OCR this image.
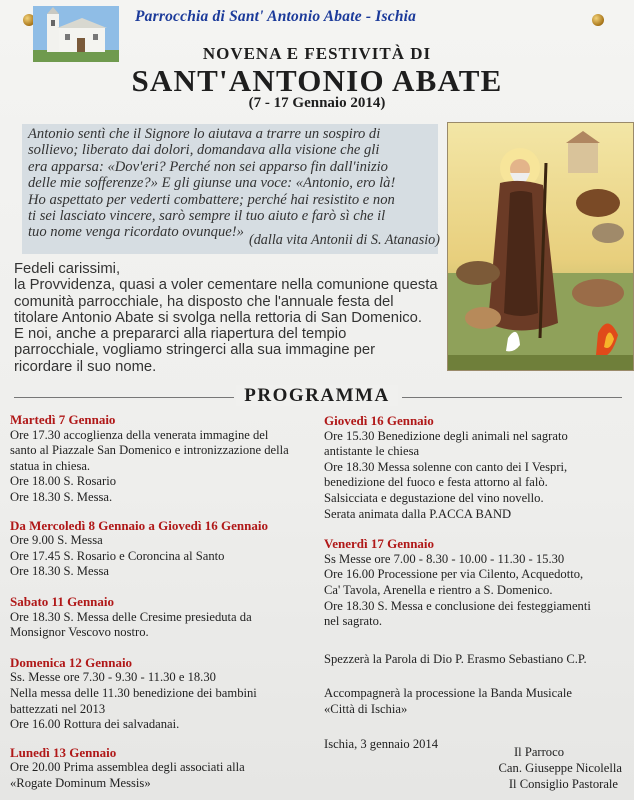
Parrocchia di Sant' Antonio Abate - Ischia
NOVENA E FESTIVITÀ DI
SANT'ANTONIO ABATE
(7 - 17 Gennaio 2014)
Antonio sentì che il Signore lo aiutava a trarre un sospiro di
sollievo; liberato dai dolori, domandava alla visione che gli
era apparsa: «Dov'eri? Perché non sei apparso fin dall'inizio
delle mie sofferenze?» E gli giunse una voce: «Antonio, ero là!
Ho aspettato per vederti combattere; perché hai resistito e non
ti sei lasciato vincere, sarò sempre il tuo aiuto e farò sì che il
tuo nome venga ricordato ovunque!» (dalla vita Antonii di S. Atanasio)
Fedeli carissimi,
la Provvidenza, quasi a voler cementare nella comunione questa
comunità parrocchiale, ha disposto che l'annuale festa del
titolare Antonio Abate si svolga nella rettoria di San Domenico.
E noi, anche a prepararci alla riapertura del tempio
parrocchiale, vogliamo stringerci alla sua immagine per
ricordare il suo nome.
PROGRAMMA
Martedì 7 Gennaio
Ore 17.30 accoglienza della venerata immagine del
santo al Piazzale San Domenico e intronizzazione della
statua in chiesa.
Ore 18.00 S. Rosario
Ore 18.30 S. Messa.
Da Mercoledì 8 Gennaio a Giovedì 16 Gennaio
Ore 9.00 S. Messa
Ore 17.45 S. Rosario e Coroncina al Santo
Ore 18.30 S. Messa
Sabato 11 Gennaio
Ore 18.30 S. Messa delle Cresime presieduta da
Monsignor Vescovo nostro.
Domenica 12 Gennaio
Ss. Messe ore 7.30 - 9.30 - 11.30 e 18.30
Nella messa delle 11.30 benedizione dei bambini
battezzati nel 2013
Ore 16.00 Rottura dei salvadanai.
Lunedì 13 Gennaio
Ore 20.00 Prima assemblea degli associati alla
«Rogate Dominum Messis»
Giovedì 16 Gennaio
Ore 15.30 Benedizione degli animali nel sagrato
antistante le chiesa
Ore 18.30 Messa solenne con canto dei I Vespri,
benedizione del fuoco e festa attorno al falò.
Salsicciata e degustazione del vino novello.
Serata animata dalla P.ACCA BAND
Venerdì 17 Gennaio
Ss Messe ore 7.00 - 8.30 - 10.00 - 11.30 - 15.30
Ore 16.00 Processione per via Cilento, Acquedotto,
Ca' Tavola, Arenella e rientro a S. Domenico.
Ore 18.30 S. Messa e conclusione dei festeggiamenti
nel sagrato.
Spezzerà la Parola di Dio P. Erasmo Sebastiano C.P.
Accompagnerà la processione la Banda Musicale
«Città di Ischia»
Ischia, 3 gennaio 2014
Il Parroco
Can. Giuseppe Nicolella
Il Consiglio Pastorale
